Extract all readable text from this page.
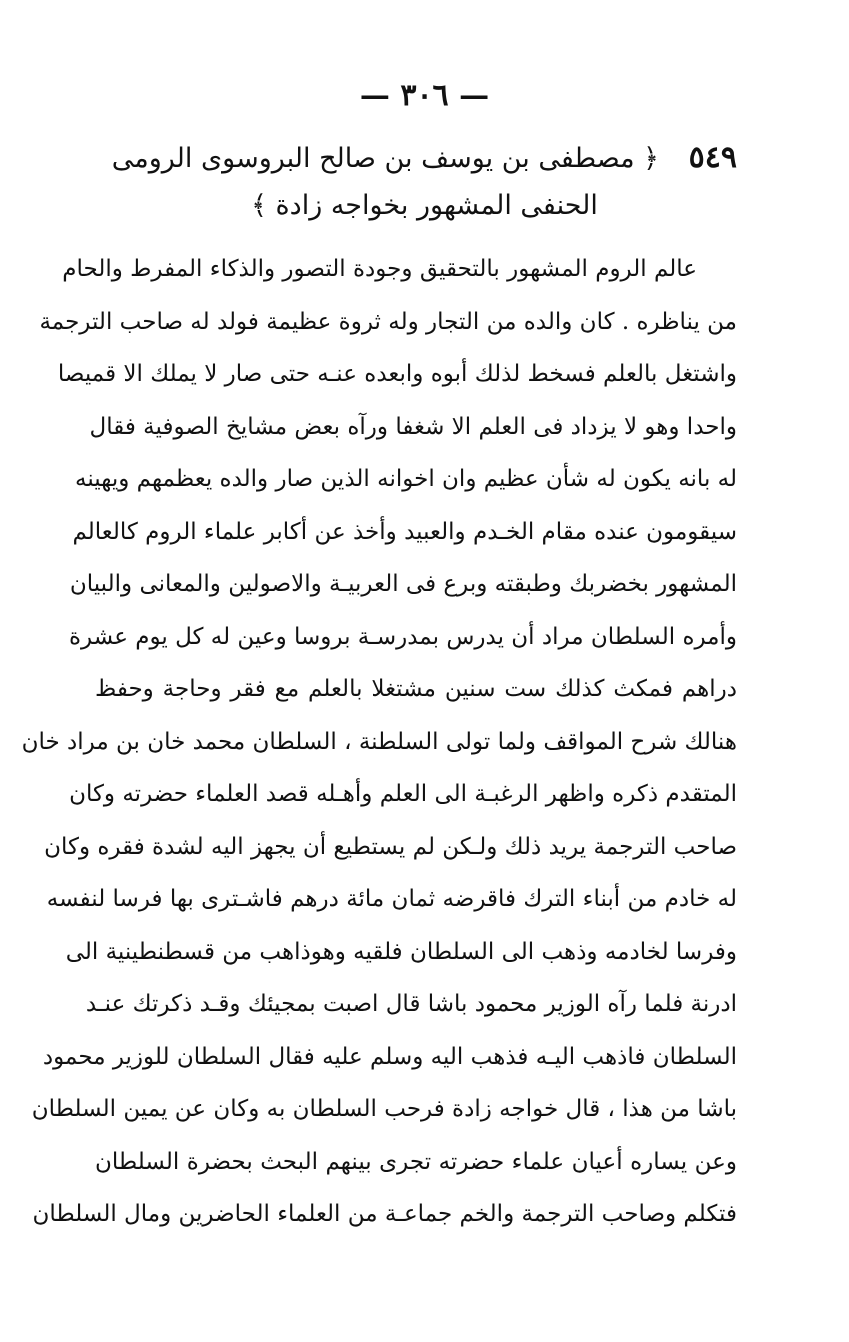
— ٣٠٦ —
٥٤٩
﴿ مصطفى بن يوسف بن صالح البروسوى الرومى
الحنفى المشهور بخواجه زادة ﴾
عالم الروم المشهور بالتحقيق وجودة التصور والذكاء المفرط والحام
من يناظره . كان والده من التجار وله ثروة عظيمة فولد له صاحب الترجمة
واشتغل بالعلم فسخط لذلك أبوه وابعده عنـه حتى صار لا يملك الا قميصا
واحدا وهو لا يزداد فى العلم الا شغفا ورآه بعض مشايخ الصوفية فقال
له بانه يكون له شأن عظيم وان اخوانه الذين صار والده يعظمهم ويهينه
سيقومون عنده مقام الخـدم والعبيد وأخذ عن أكابر علماء الروم كالعالم
المشهور بخضربك وطبقته وبرع فى العربيـة والاصولين والمعانى والبيان
وأمره السلطان مراد أن يدرس بمدرسـة بروسا وعين له كل يوم عشرة
دراهم فمكث كذلك ست سنين مشتغلا بالعلم مع فقر وحاجة وحفظ
هنالك شرح المواقف ولما تولى السلطنة ، السلطان محمد خان بن مراد خان
المتقدم ذكره واظهر الرغبـة الى العلم وأهـله قصد العلماء حضرته وكان
صاحب الترجمة يريد ذلك ولـكن لم يستطيع أن يجهز اليه لشدة فقره وكان
له خادم من أبناء الترك فاقرضه ثمان مائة درهم فاشـترى بها فرسا لنفسه
وفرسا لخادمه وذهب الى السلطان فلقيه وهوذاهب من قسطنطينية الى
ادرنة فلما رآه الوزير محمود باشا قال اصبت بمجيئك وقـد ذكرتك عنـد
السلطان فاذهب اليـه فذهب اليه وسلم عليه فقال السلطان للوزير محمود
باشا من هذا ، قال خواجه زادة فرحب السلطان به وكان عن يمين السلطان
وعن يساره أعيان علماء حضرته تجرى بينهم البحث بحضرة السلطان
فتكلم وصاحب الترجمة والخم جماعـة من العلماء الحاضرين ومال السلطان
